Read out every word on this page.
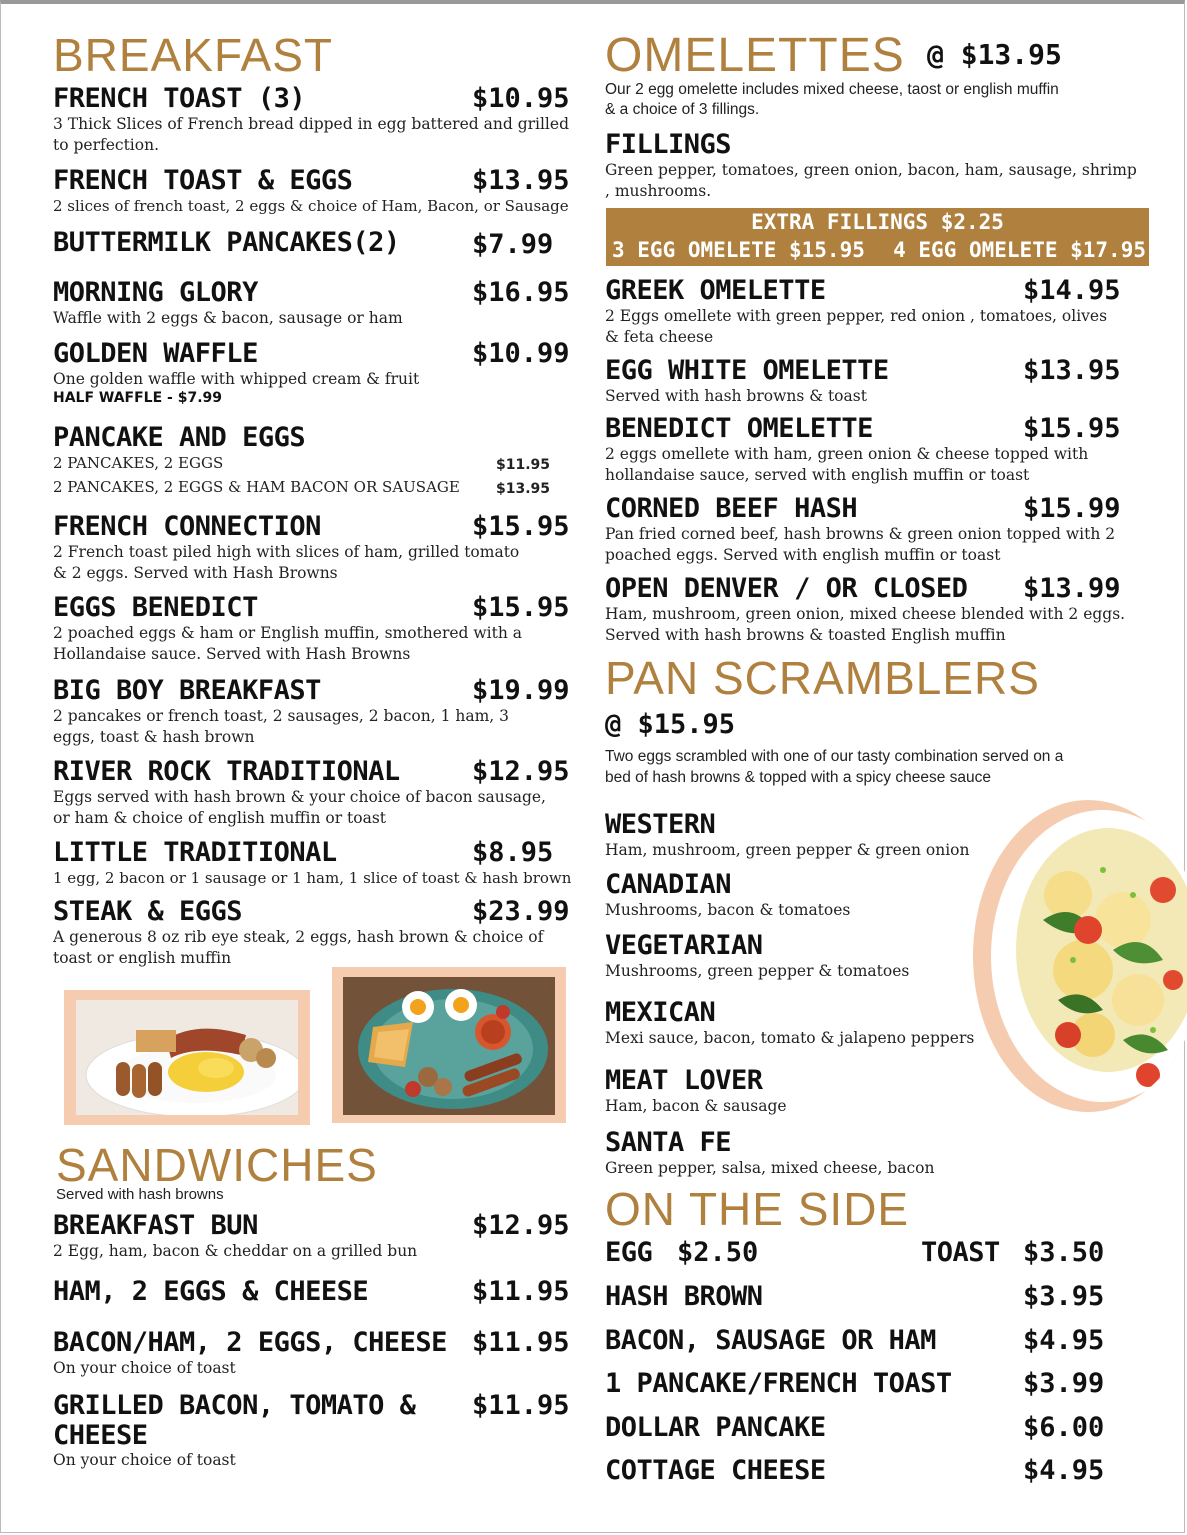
BREAKFAST
FRENCH TOAST (3)	$10.95
3 Thick Slices of French bread dipped in egg battered and grilled to perfection.
FRENCH TOAST & EGGS	$13.95
2 slices of french toast, 2 eggs & choice of Ham, Bacon, or Sausage
BUTTERMILK PANCAKES(2)	$7.99
MORNING GLORY	$16.95
Waffle with 2 eggs & bacon, sausage or ham
GOLDEN WAFFLE	$10.99
One golden waffle with whipped cream & fruit
HALF WAFFLE - $7.99
PANCAKE AND EGGS
2 PANCAKES, 2 EGGS	$11.95
2 PANCAKES, 2 EGGS & HAM BACON OR SAUSAGE	$13.95
FRENCH CONNECTION	$15.95
2 French toast piled high with slices of ham, grilled tomato & 2 eggs. Served with Hash Browns
EGGS BENEDICT	$15.95
2 poached eggs & ham or English muffin, smothered with a Hollandaise sauce. Served with Hash Browns
BIG BOY BREAKFAST	$19.99
2 pancakes or french toast, 2 sausages, 2 bacon, 1 ham, 3 eggs, toast & hash brown
RIVER ROCK TRADITIONAL	$12.95
Eggs served with hash brown & your choice of bacon sausage, or ham & choice of english muffin or toast
LITTLE TRADITIONAL	$8.95
1 egg, 2 bacon or 1 sausage or 1 ham, 1 slice of toast & hash brown
STEAK & EGGS	$23.99
A generous 8 oz rib eye steak, 2 eggs, hash brown & choice of toast or english muffin
SANDWICHES
Served with hash browns
BREAKFAST BUN	$12.95
2 Egg, ham, bacon & cheddar on a grilled bun
HAM, 2 EGGS & CHEESE	$11.95
BACON/HAM, 2 EGGS, CHEESE $11.95
On your choice of toast
GRILLED BACON, TOMATO & CHEESE
$11.95
On your choice of toast
OMELETTES @ $13.95
Our 2 egg omelette includes mixed cheese, taost or english muffin & a choice of 3 fillings.
FILLINGS
Green pepper, tomatoes, green onion, bacon, ham, sausage, shrimp , mushrooms.
EXTRA FILLINGS $2.25
3 EGG OMELETE $15.95 4 EGG OMELETE $17.95
GREEK OMELETTE	$14.95
2 Eggs omellete with green pepper, red onion , tomatoes, olives & feta cheese
EGG WHITE OMELETTE	$13.95
Served with hash browns & toast
BENEDICT OMELETTE	$15.95
2 eggs omellete with ham, green onion & cheese topped with hollandaise sauce, served with english muffin or toast
CORNED BEEF HASH	$15.99
Pan fried corned beef, hash browns & green onion topped with 2 poached eggs. Served with english muffin or toast
OPEN DENVER / OR CLOSED	$13.99
Ham, mushroom, green onion, mixed cheese blended with 2 eggs. Served with hash browns & toasted English muffin
PAN SCRAMBLERS
@ $15.95
Two eggs scrambled with one of our tasty combination served on a bed of hash browns & topped with a spicy cheese sauce
WESTERN
Ham, mushroom, green pepper & green onion
CANADIAN
Mushrooms, bacon & tomatoes
VEGETARIAN
Mushrooms, green pepper & tomatoes
MEXICAN
Mexi sauce, bacon, tomato & jalapeno peppers
MEAT LOVER
Ham, bacon & sausage
SANTA FE
Green pepper, salsa, mixed cheese, bacon
ON THE SIDE
EGG $2.50	TOAST $3.50
HASH BROWN	$3.95
BACON, SAUSAGE OR HAM	$4.95
1 PANCAKE/FRENCH TOAST	$3.99
DOLLAR PANCAKE	$6.00
COTTAGE CHEESE	$4.95
